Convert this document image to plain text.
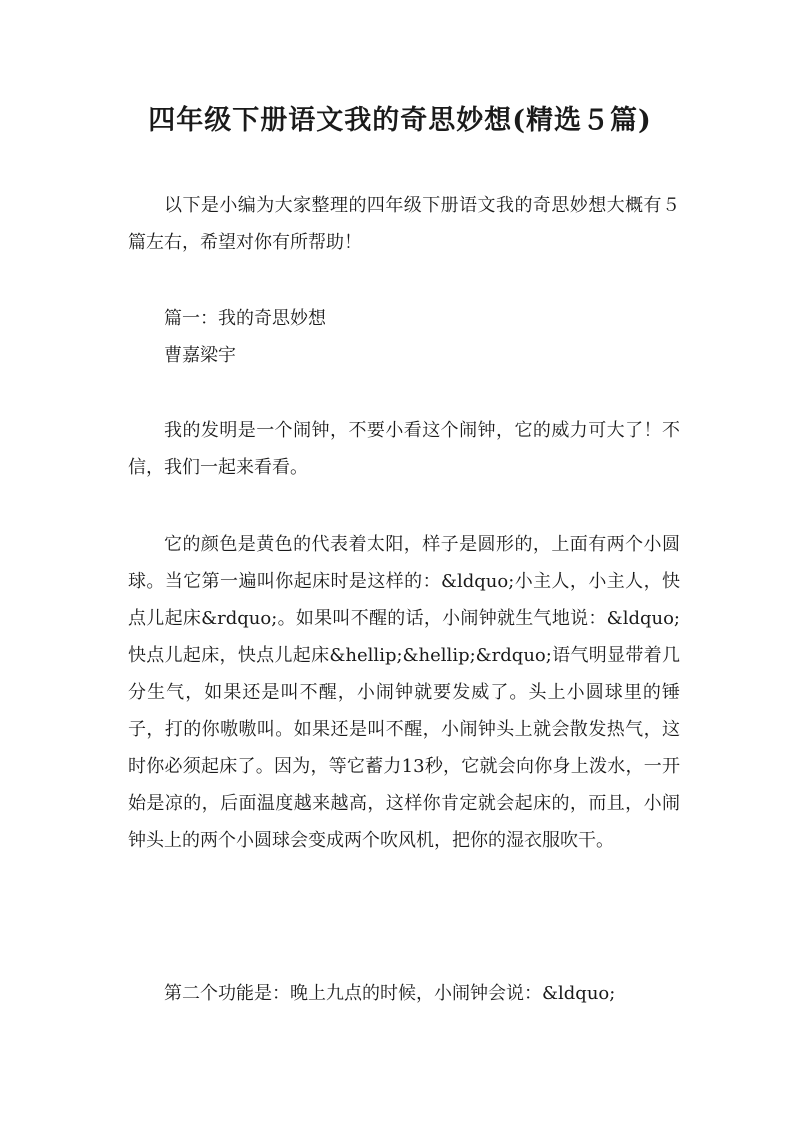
四年级下册语文我的奇思妙想(精选５篇)
以下是小编为大家整理的四年级下册语文我的奇思妙想大概有５篇左右，希望对你有所帮助！
篇一：我的奇思妙想
曹嘉梁宇
我的发明是一个闹钟，不要小看这个闹钟，它的威力可大了！不信，我们一起来看看。
它的颜色是黄色的代表着太阳，样子是圆形的，上面有两个小圆球。当它第一遍叫你起床时是这样的：&ldquo;小主人，小主人，快点儿起床&rdquo;。如果叫不醒的话，小闹钟就生气地说：&ldquo;快点儿起床，快点儿起床&hellip;&hellip;&rdquo;语气明显带着几分生气，如果还是叫不醒，小闹钟就要发威了。头上小圆球里的锤子，打的你嗷嗷叫。如果还是叫不醒，小闹钟头上就会散发热气，这时你必须起床了。因为，等它蓄力13秒，它就会向你身上泼水，一开始是凉的，后面温度越来越高，这样你肯定就会起床的，而且，小闹钟头上的两个小圆球会变成两个吹风机，把你的湿衣服吹干。
第二个功能是：晚上九点的时候，小闹钟会说：&ldquo;
